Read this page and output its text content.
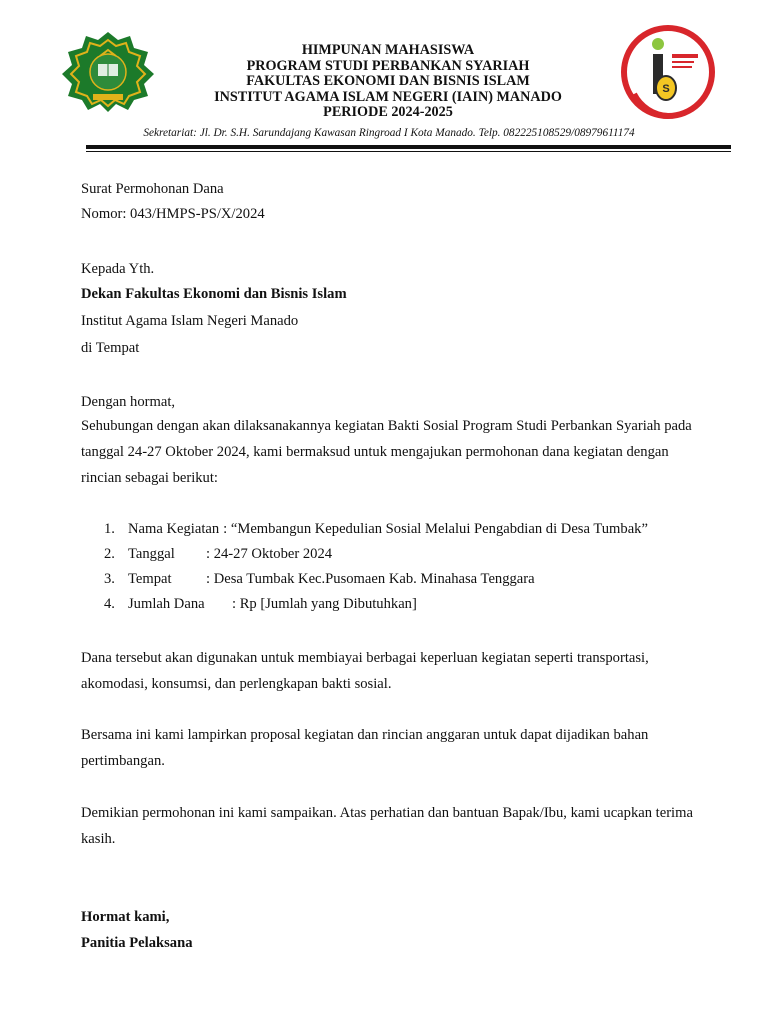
HIMPUNAN MAHASISWA
PROGRAM STUDI PERBANKAN SYARIAH
FAKULTAS EKONOMI DAN BISNIS ISLAM
INSTITUT AGAMA ISLAM NEGERI (IAIN) MANADO
PERIODE 2024-2025
S
Sekretariat: Jl. Dr. S.H. Sarundajang Kawasan Ringroad I Kota Manado. Telp. 082225108529/08979611174
Surat Permohonan Dana
Nomor: 043/HMPS-PS/X/2024
Kepada Yth.
Dekan Fakultas Ekonomi dan Bisnis Islam
Institut Agama Islam Negeri Manado
di Tempat
Dengan hormat,
Sehubungan dengan akan dilaksanakannya kegiatan Bakti Sosial Program Studi Perbankan Syariah pada
tanggal 24-27 Oktober 2024, kami bermaksud untuk mengajukan permohonan dana kegiatan dengan
rincian sebagai berikut:
1. Nama Kegiatan : “Membangun Kepedulian Sosial Melalui Pengabdian di Desa Tumbak”
2. Tanggal : 24-27 Oktober 2024
3. Tempat : Desa Tumbak Kec.Pusomaen Kab. Minahasa Tenggara
4. Jumlah Dana : Rp [Jumlah yang Dibutuhkan]
Dana tersebut akan digunakan untuk membiayai berbagai keperluan kegiatan seperti transportasi,
akomodasi, konsumsi, dan perlengkapan bakti sosial.
Bersama ini kami lampirkan proposal kegiatan dan rincian anggaran untuk dapat dijadikan bahan
pertimbangan.
Demikian permohonan ini kami sampaikan. Atas perhatian dan bantuan Bapak/Ibu, kami ucapkan terima
kasih.
Hormat kami,
Panitia Pelaksana
